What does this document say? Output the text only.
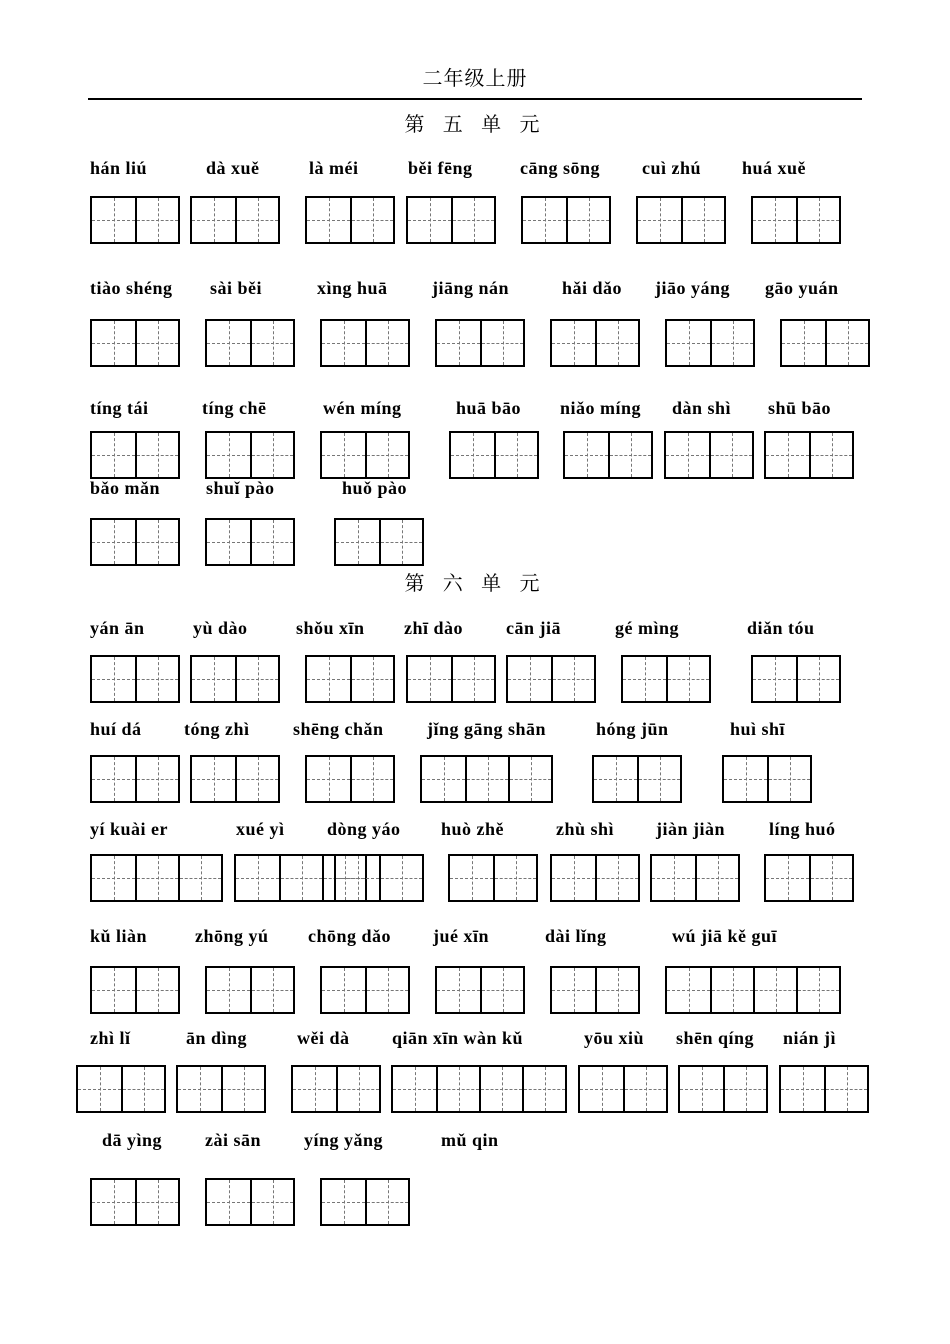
二年级上册
第 五 单 元
hán liú	dà xuě	là méi	běi fēng	cāng sōng cuì zhú huá xuě
tiào shéng sài běi	xìng huā jiāng nán	hǎi dǎo jiāo yáng gāo yuán
tíng tái	tíng chē	wén míng	huā bāo niǎo míng dàn shì shū bāo
bǎo mǎn	shuǐ pào	huǒ pào
第 六 单 元
yán ān	yù dào	shǒu xīn zhī dào cān jiā	gé mìng	diǎn tóu
huí dá tóng zhì shēng chǎn jǐng gāng shān	hóng jūn	huì shī
yí kuài er	xué yì dòng yáo huò zhě	zhù shì jiàn jiàn líng huó
kǔ liàn	zhōng yú chōng dǎo jué xīn	dài lǐng	wú jiā kě guī
zhì lǐ	ān dìng	wěi dà qiān xīn wàn kǔ	yōu xiù shēn qíng nián jì
dā yìng zài sān yíng yǎng	mǔ qin
